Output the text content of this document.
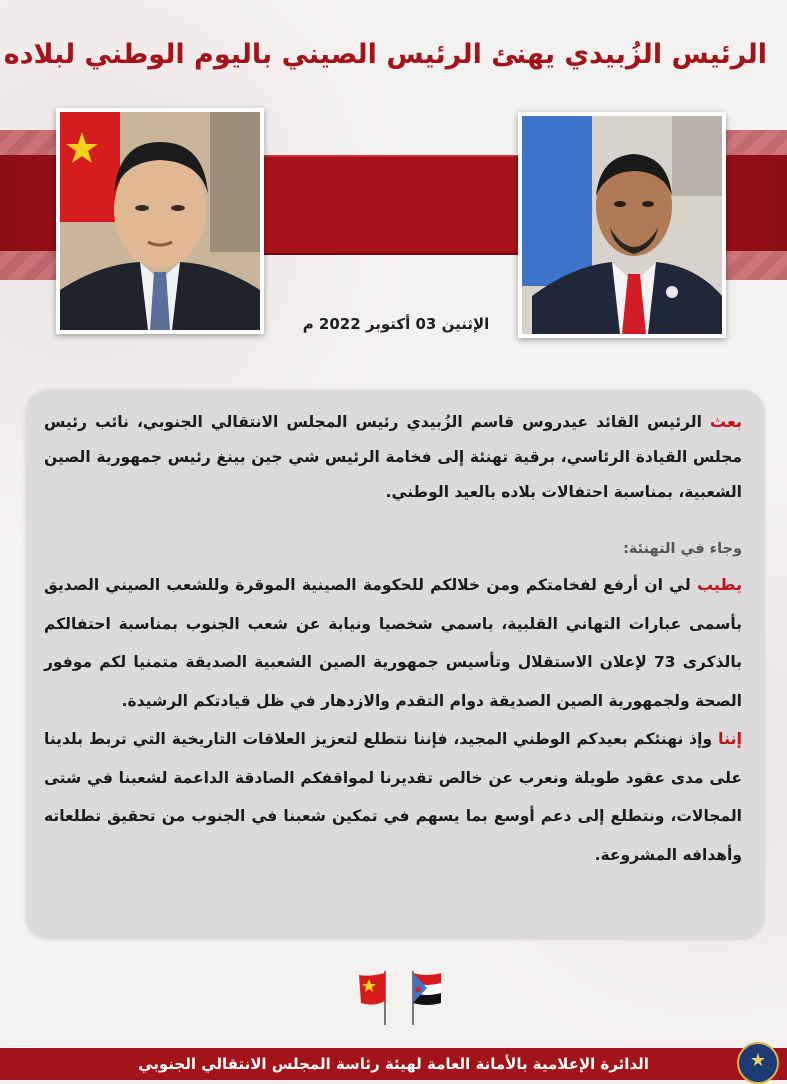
الرئيس الزُبيدي يهنئ الرئيس الصيني باليوم الوطني لبلاده
الإثنين 03 أكتوبر 2022 م

بعث الرئيس القائد عيدروس قاسم الزُبيدي رئيس المجلس الانتقالي الجنوبي، نائب رئيس مجلس القيادة الرئاسي، برقية تهنئة إلى فخامة الرئيس شي جين بينغ رئيس جمهورية الصين الشعبية، بمناسبة احتفالات بلاده بالعيد الوطني.

وجاء في التهنئة:

يطيب لي ان أرفع لفخامتكم ومن خلالكم للحكومة الصينية الموقرة وللشعب الصيني الصديق بأسمى عبارات التهاني القلبية، باسمي شخصيا ونيابة عن شعب الجنوب بمناسبة احتفالكم بالذكرى 73 لإعلان الاستقلال وتأسيس جمهورية الصين الشعبية الصديقة متمنيا لكم موفور الصحة ولجمهورية الصين الصديقة دوام التقدم والازدهار في ظل قيادتكم الرشيدة.

إننا وإذ نهنئكم بعيدكم الوطني المجيد، فإننا نتطلع لتعزيز العلاقات التاريخية التي تربط بلدينا على مدى عقود طويلة ونعرب عن خالص تقديرنا لمواقفكم الصادقة الداعمة لشعبنا في شتى المجالات، ونتطلع إلى دعم أوسع بما يسهم في تمكين شعبنا في الجنوب من تحقيق تطلعاته وأهدافه المشروعة.

الدائرة الإعلامية بالأمانة العامة لهيئة رئاسة المجلس الانتقالي الجنوبي	★
